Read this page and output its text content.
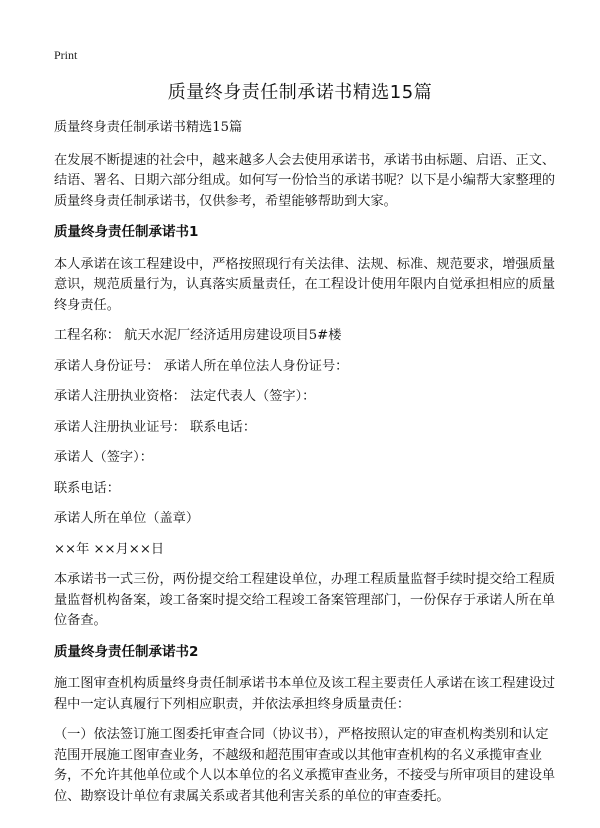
Print
质量终身责任制承诺书精选15篇

质量终身责任制承诺书精选15篇

在发展不断提速的社会中，越来越多人会去使用承诺书，承诺书由标题、启语、正文、结语、署名、日期六部分组成。如何写一份恰当的承诺书呢？以下是小编帮大家整理的质量终身责任制承诺书，仅供参考，希望能够帮助到大家。

质量终身责任制承诺书1

本人承诺在该工程建设中，严格按照现行有关法律、法规、标准、规范要求，增强质量意识，规范质量行为，认真落实质量责任，在工程设计使用年限内自觉承担相应的质量终身责任。

工程名称： 航天水泥厂经济适用房建设项目5#楼

承诺人身份证号： 承诺人所在单位法人身份证号：

承诺人注册执业资格： 法定代表人（签字）：

承诺人注册执业证号： 联系电话：

承诺人（签字）：

联系电话：

承诺人所在单位（盖章）

××年 ××月××日

本承诺书一式三份，两份提交给工程建设单位，办理工程质量监督手续时提交给工程质量监督机构备案，竣工备案时提交给工程竣工备案管理部门，一份保存于承诺人所在单位备查。

质量终身责任制承诺书2

施工图审查机构质量终身责任制承诺书本单位及该工程主要责任人承诺在该工程建设过程中一定认真履行下列相应职责，并依法承担终身质量责任：

（一）依法签订施工图委托审查合同（协议书），严格按照认定的审查机构类别和认定范围开展施工图审查业务，不越级和超范围审查或以其他审查机构的名义承揽审查业务，不允许其他单位或个人以本单位的名义承揽审查业务，不接受与所审项目的建设单位、勘察设计单位有隶属关系或者其他利害关系的单位的审查委托。
